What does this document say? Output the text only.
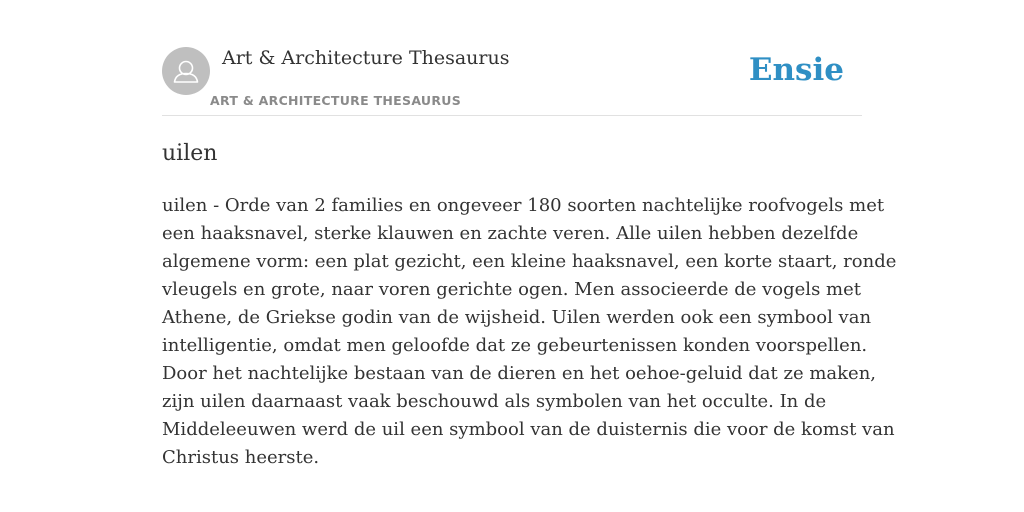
Art & Architecture Thesaurus
ART & ARCHITECTURE THESAURUS
Ensie
uilen
uilen - Orde van 2 families en ongeveer 180 soorten nachtelijke roofvogels met
een haaksnavel, sterke klauwen en zachte veren. Alle uilen hebben dezelfde
algemene vorm: een plat gezicht, een kleine haaksnavel, een korte staart, ronde
vleugels en grote, naar voren gerichte ogen. Men associeerde de vogels met
Athene, de Griekse godin van de wijsheid. Uilen werden ook een symbool van
intelligentie, omdat men geloofde dat ze gebeurtenissen konden voorspellen.
Door het nachtelijke bestaan van de dieren en het oehoe-geluid dat ze maken,
zijn uilen daarnaast vaak beschouwd als symbolen van het occulte. In de
Middeleeuwen werd de uil een symbool van de duisternis die voor de komst van
Christus heerste.
